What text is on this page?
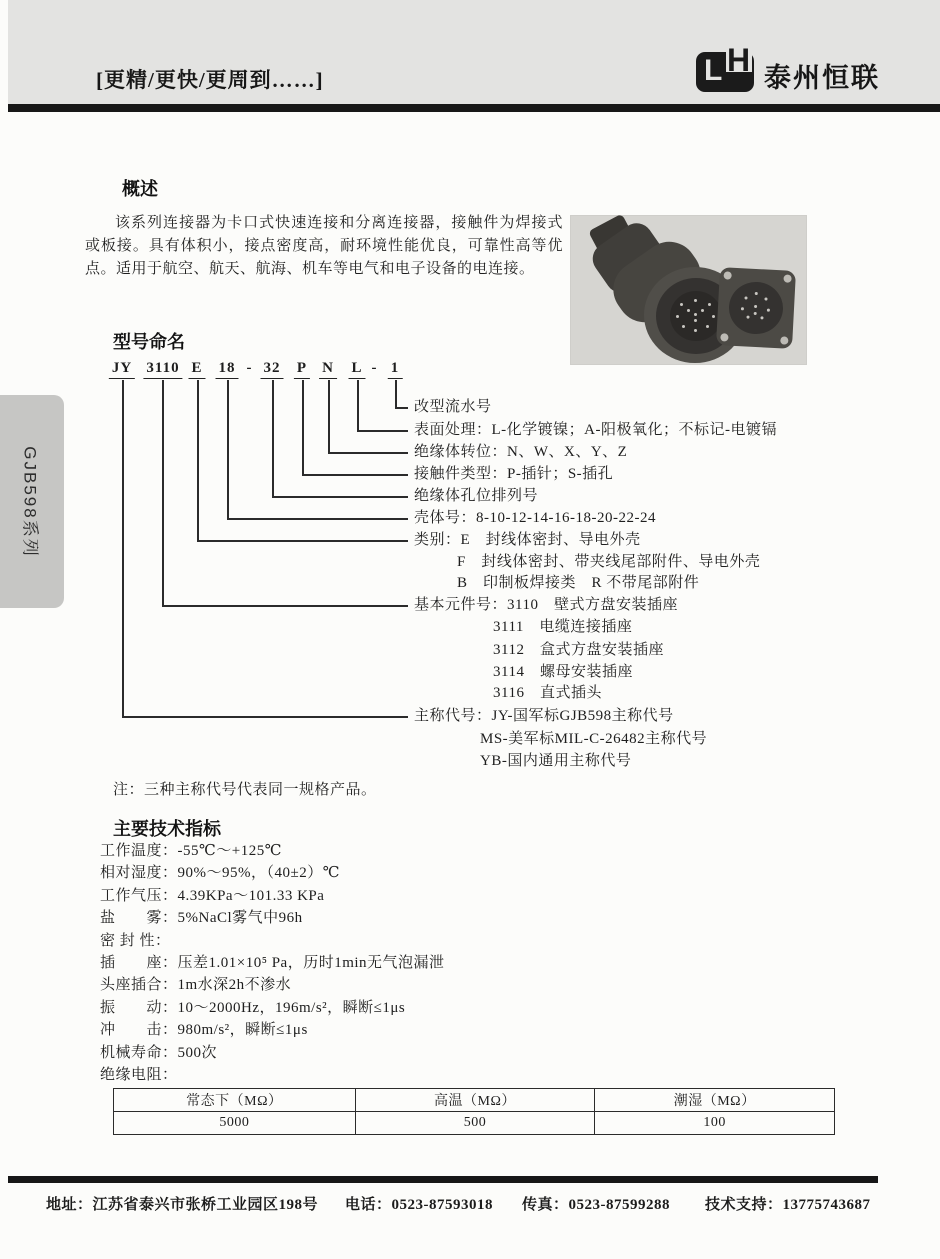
[更精/更快/更周到……]	L H 泰州恒联
GJB598系列
概述
该系列连接器为卡口式快速连接和分离连接器，接触件为焊接式或板接。具有体积小，接点密度高，耐环境性能优良，可靠性高等优点。适用于航空、航天、航海、机车等电气和电子设备的电连接。
型号命名
JY 3110 E 18 - 32 P N L - 1
改型流水号
表面处理：L-化学镀镍；A-阳极氧化；不标记-电镀镉
绝缘体转位：N、W、X、Y、Z
接触件类型：P-插针；S-插孔
绝缘体孔位排列号
壳体号：8-10-12-14-16-18-20-22-24
类别：E　封线体密封、导电外壳
F　封线体密封、带夹线尾部附件、导电外壳
B　印制板焊接类　R 不带尾部附件
基本元件号：3110　壁式方盘安装插座
3111　电缆连接插座
3112　盒式方盘安装插座
3114　螺母安装插座
3116　直式插头
主称代号：JY-国军标GJB598主称代号
MS-美军标MIL-C-26482主称代号
YB-国内通用主称代号
注：三种主称代号代表同一规格产品。
主要技术指标
工作温度：-55℃～+125℃
相对湿度：90%～95%，（40±2）℃
工作气压：4.39KPa～101.33 KPa
盐　　雾：5%NaCl雾气中96h
密 封 性：
插　　座：压差1.01×10⁵ Pa，历时1min无气泡漏泄
头座插合：1m水深2h不渗水
振　　动：10～2000Hz，196m/s²，瞬断≤1μs
冲　　击：980m/s²，瞬断≤1μs
机械寿命：500次
绝缘电阻：
常态下（MΩ）	高温（MΩ）	潮湿（MΩ）
5000	500	100
地址：江苏省泰兴市张桥工业园区198号 电话：0523-87593018 传真：0523-87599288 技术支持：13775743687
